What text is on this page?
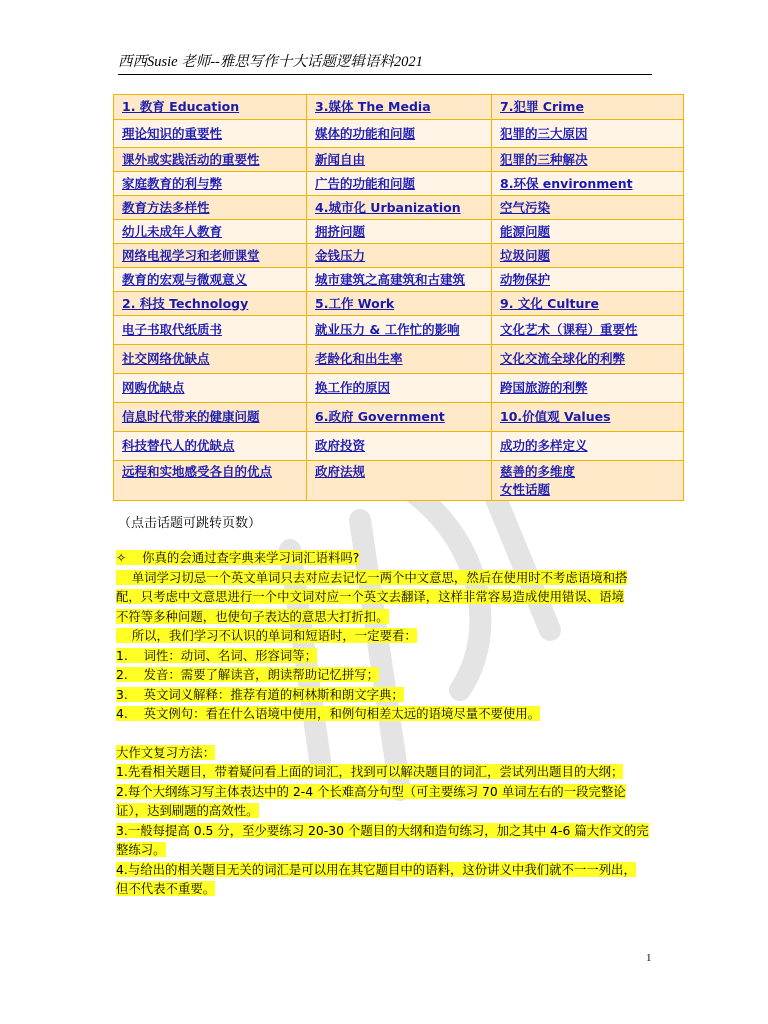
西西Susie 老师--雅思写作十大话题逻辑语料2021
1. 教育 Education	3.媒体 The Media	7.犯罪 Crime
理论知识的重要性	媒体的功能和问题	犯罪的三大原因
课外或实践活动的重要性	新闻自由	犯罪的三种解决
家庭教育的利与弊	广告的功能和问题	8.环保 environment
教育方法多样性	4.城市化 Urbanization	空气污染
幼儿未成年人教育	拥挤问题	能源问题
网络电视学习和老师课堂	金钱压力	垃圾问题
教育的宏观与微观意义	城市建筑之高建筑和古建筑	动物保护
2. 科技 Technology	5.工作 Work	9. 文化 Culture
电子书取代纸质书	就业压力 & 工作忙的影响	文化艺术（课程）重要性
社交网络优缺点	老龄化和出生率	文化交流全球化的利弊
网购优缺点	换工作的原因	跨国旅游的利弊
信息时代带来的健康问题	6.政府 Government	10.价值观 Values
科技替代人的优缺点	政府投资	成功的多样定义
远程和实地感受各自的优点	政府法规	慈善的多维度
女性话题
（点击话题可跳转页数）
✧ 你真的会通过查字典来学习词汇语料吗?
单词学习切忌一个英文单词只去对应去记忆一两个中文意思，然后在使用时不考虑语境和搭
配，只考虑中文意思进行一个中文词对应一个英文去翻译，这样非常容易造成使用错误、语境
不符等多种问题，也使句子表达的意思大打折扣。
所以，我们学习不认识的单词和短语时，一定要看：
1. 词性：动词、名词、形容词等；
2. 发音：需要了解读音，朗读帮助记忆拼写；
3. 英文词义解释：推荐有道的柯林斯和朗文字典；
4. 英文例句：看在什么语境中使用，和例句相差太远的语境尽量不要使用。
大作文复习方法：
1.先看相关题目，带着疑问看上面的词汇，找到可以解决题目的词汇，尝试列出题目的大纲；
2.每个大纲练习写主体表达中的 2-4 个长难高分句型（可主要练习 70 单词左右的一段完整论
证），达到刷题的高效性。
3.一般每提高 0.5 分，至少要练习 20-30 个题目的大纲和造句练习，加之其中 4-6 篇大作文的完
整练习。
4.与给出的相关题目无关的词汇是可以用在其它题目中的语料，这份讲义中我们就不一一列出，
但不代表不重要。
1
